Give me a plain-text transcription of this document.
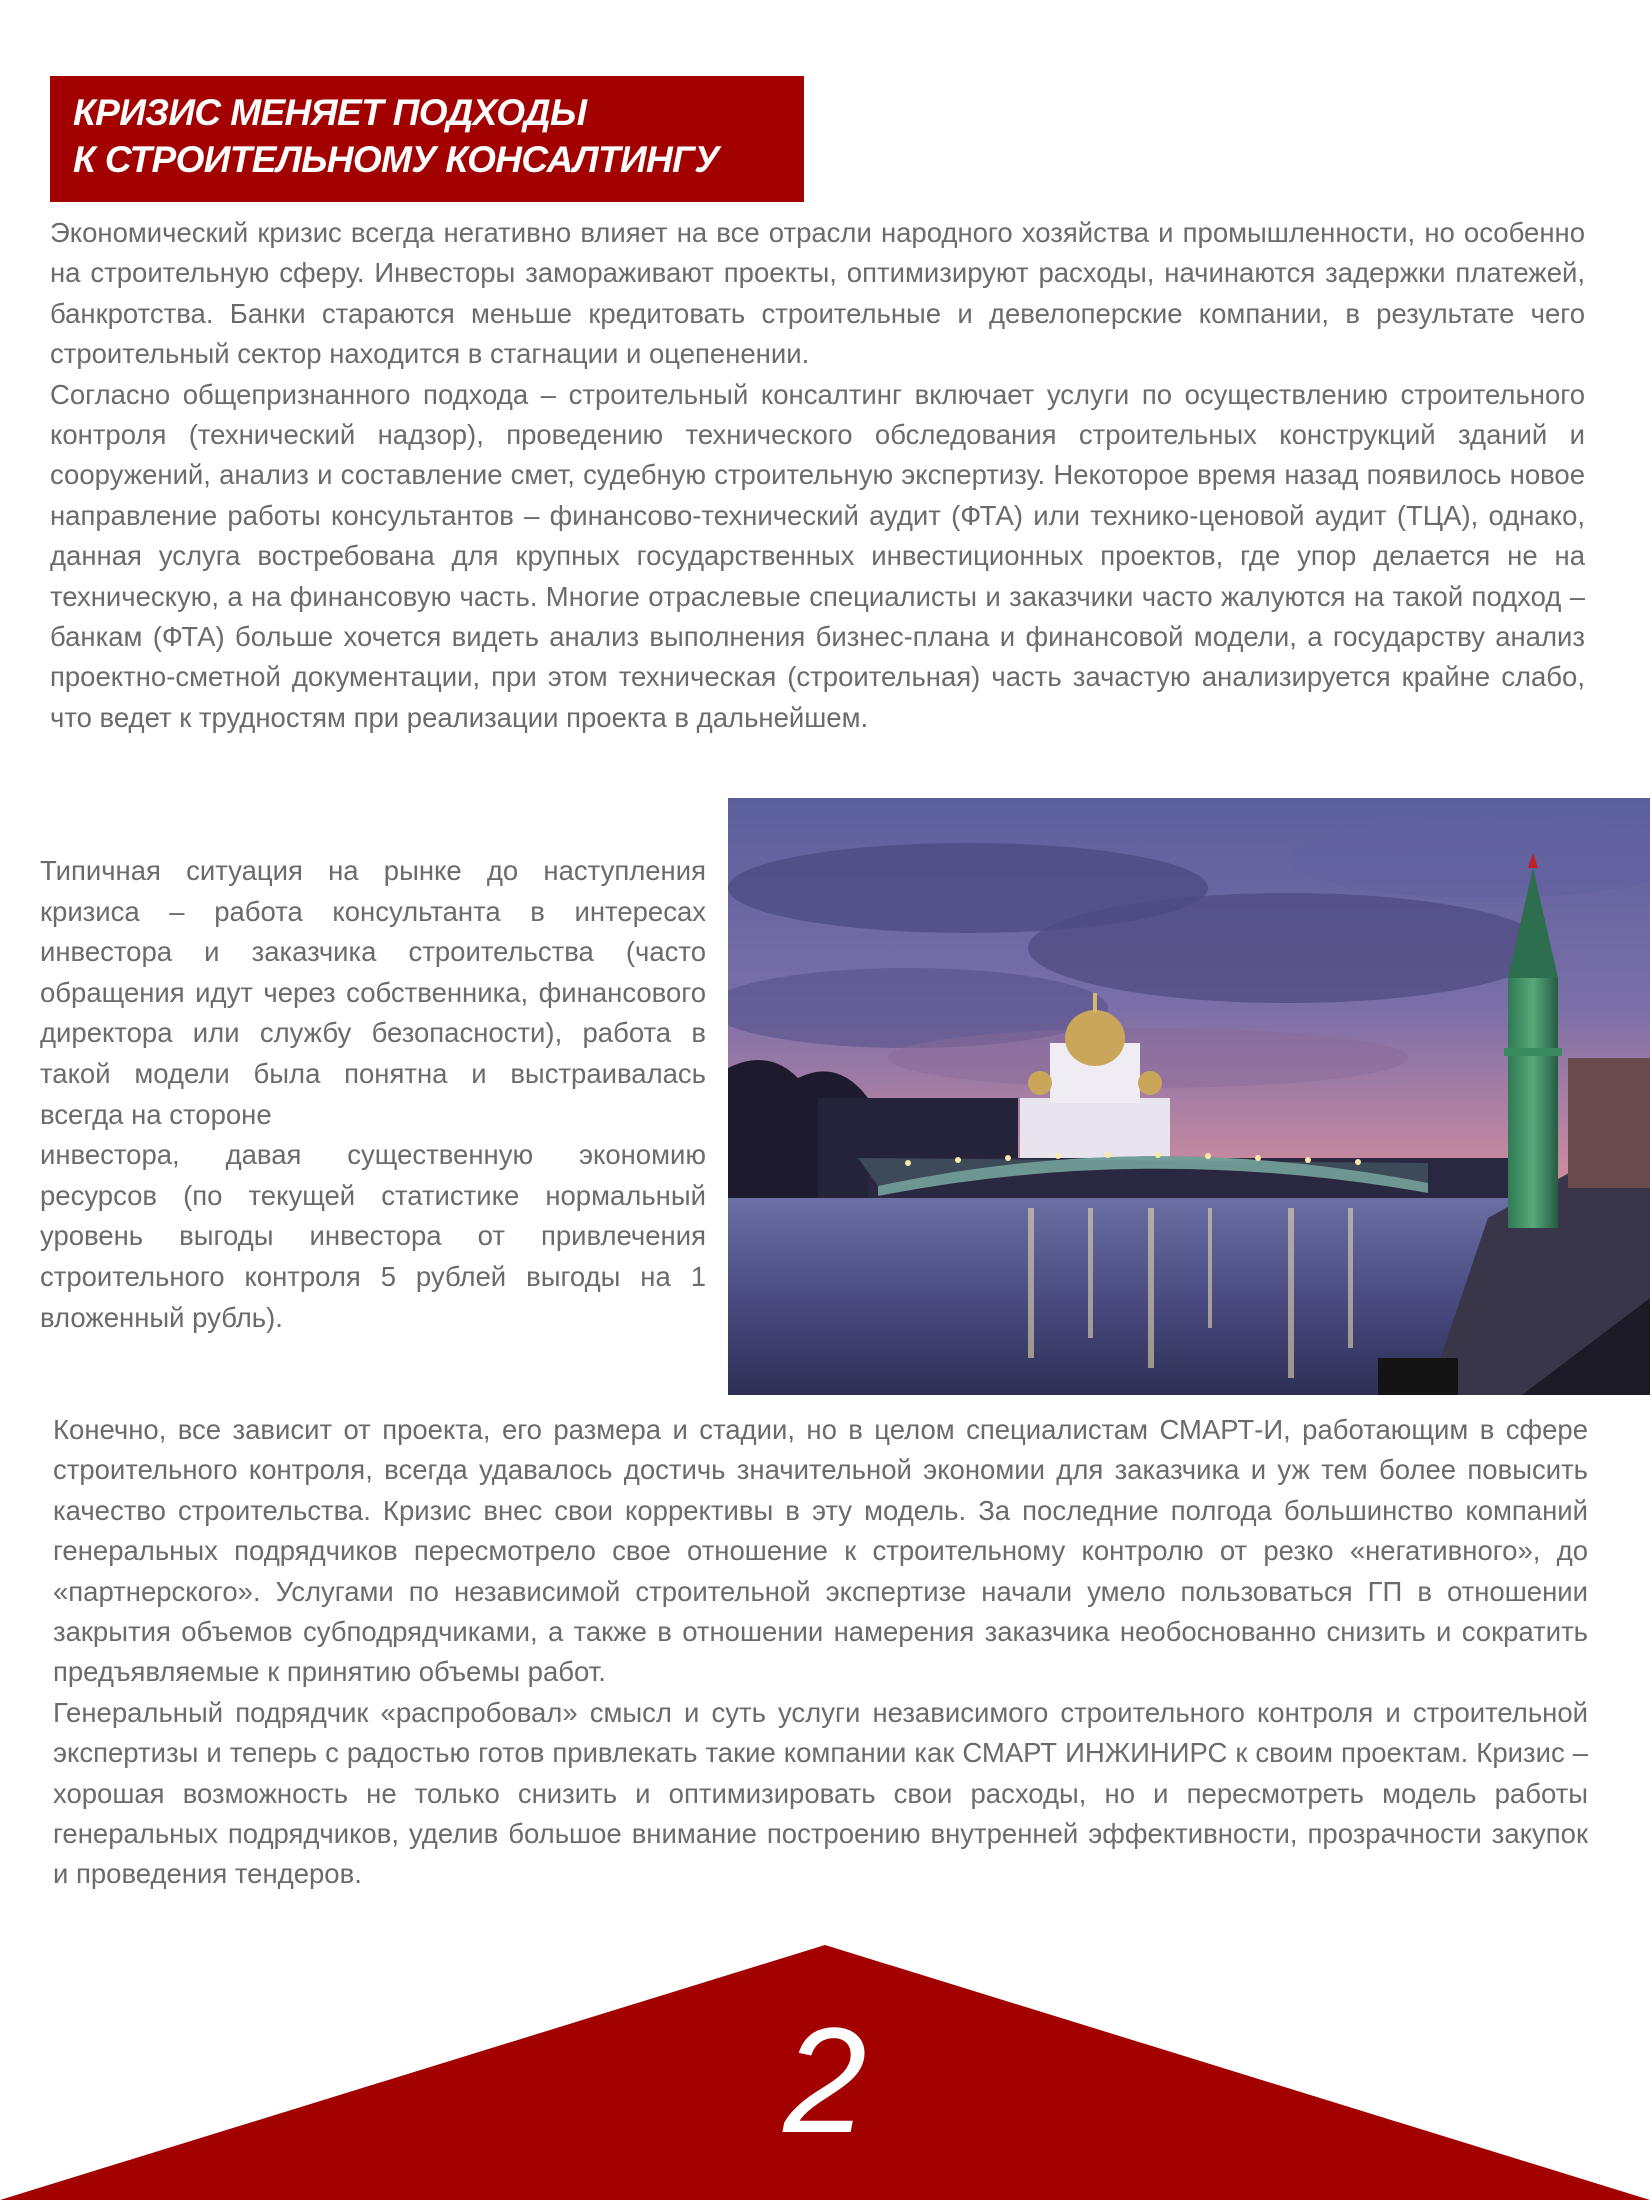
КРИЗИС МЕНЯЕТ ПОДХОДЫ
К СТРОИТЕЛЬНОМУ КОНСАЛТИНГУ

Экономический кризис всегда негативно влияет на все отрасли народного хозяйства и промышленности, но особенно на строительную сферу. Инвесторы замораживают проекты, оптимизируют расходы, начинаются задержки платежей, банкротства. Банки стараются меньше кредитовать строительные и девелоперские компании, в результате чего строительный сектор находится в стагнации и оцепенении.

Согласно общепризнанного подхода – строительный консалтинг включает услуги по осуществлению строительного контроля (технический надзор), проведению технического обследования строительных конструкций зданий и сооружений, анализ и составление смет, судебную строительную экспертизу. Некоторое время назад появилось новое направление работы консультантов – финансово-технический аудит (ФТА) или технико-ценовой аудит (ТЦА), однако, данная услуга востребована для крупных государственных инвестиционных проектов, где упор делается не на техническую, а на финансовую часть. Многие отраслевые специалисты и заказчики часто жалуются на такой подход – банкам (ФТА) больше хочется видеть анализ выполнения бизнес-плана и финансовой модели, а государству анализ проектно-сметной документации, при этом техническая (строительная) часть зачастую анализируется крайне слабо, что ведет к трудностям при реализации проекта в дальнейшем.

Типичная ситуация на рынке до наступления кризиса – работа консультанта в интересах инвестора и заказчика строительства (часто обращения идут через собственника, финансового директора или службу безопасности), работа в такой модели была понятна и выстраивалась всегда на стороне

инвестора, давая существенную экономию ресурсов (по текущей статистике нормальный уровень выгоды инвестора от привлечения строительного контроля 5 рублей выгоды на 1 вложенный рубль).

Конечно, все зависит от проекта, его размера и стадии, но в целом специалистам СМАРТ-И, работающим в сфере строительного контроля, всегда удавалось достичь значительной экономии для заказчика и уж тем более повысить качество строительства. Кризис внес свои коррективы в эту модель. За последние полгода большинство компаний генеральных подрядчиков пересмотрело свое отношение к строительному контролю от резко «негативного», до «партнерского». Услугами по независимой строительной экспертизе начали умело пользоваться ГП в отношении закрытия объемов субподрядчиками, а также в отношении намерения заказчика необоснованно снизить и сократить предъявляемые к принятию объемы работ.

Генеральный подрядчик «распробовал» смысл и суть услуги независимого строительного контроля и строительной экспертизы и теперь с радостью готов привлекать такие компании как СМАРТ ИНЖИНИРС к своим проектам. Кризис – хорошая возможность не только снизить и оптимизировать свои расходы, но и пересмотреть модель работы генеральных подрядчиков, уделив большое внимание построению внутренней эффективности, прозрачности закупок и проведения тендеров.

2
